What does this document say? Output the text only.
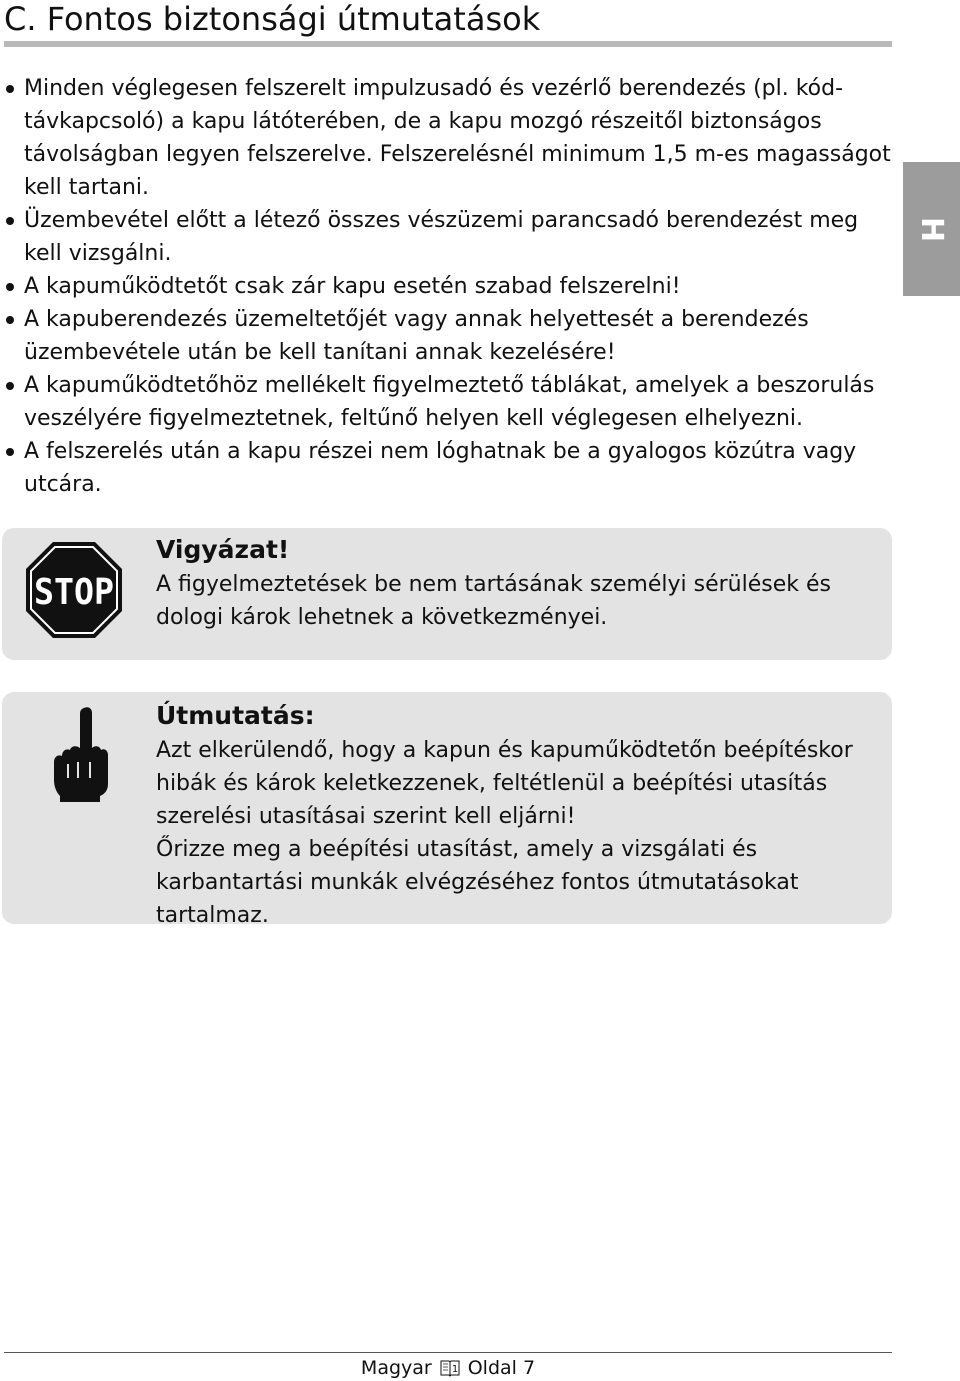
C. Fontos biztonsági útmutatások
H
Minden véglegesen felszerelt impulzusadó és vezérlő berendezés (pl. kód-távkapcsoló) a kapu látóterében, de a kapu mozgó részeitől biztonságos távolságban legyen felszerelve. Felszerelésnél minimum 1,5 m-es magasságot kell tartani.
Üzembevétel előtt a létező összes vészüzemi parancsadó berendezést meg kell vizsgálni.
A kapuműködtetőt csak zár kapu esetén szabad felszerelni!
A kapuberendezés üzemeltetőjét vagy annak helyettesét a berendezés üzembevétele után be kell tanítani annak kezelésére!
A kapuműködtetőhöz mellékelt figyelmeztető táblákat, amelyek a beszorulás veszélyére figyelmeztetnek, feltűnő helyen kell véglegesen elhelyezni.
A felszerelés után a kapu részei nem lóghatnak be a gyalogos közútra vagy utcára.
STOP
Vigyázat!

A figyelmeztetések be nem tartásának személyi sérülések és dologi károk lehetnek a következményei.

Útmutatás:
Azt elkerülendő, hogy a kapun és kapuműködtetőn beépítéskor hibák és károk keletkezzenek, feltétlenül a beépítési utasítás szerelési utasításai szerint kell eljárni!
Őrizze meg a beépítési utasítást, amely a vizsgálati és karbantartási munkák elvégzéséhez fontos útmutatásokat tartalmaz.
Magyar 1 Oldal 7
